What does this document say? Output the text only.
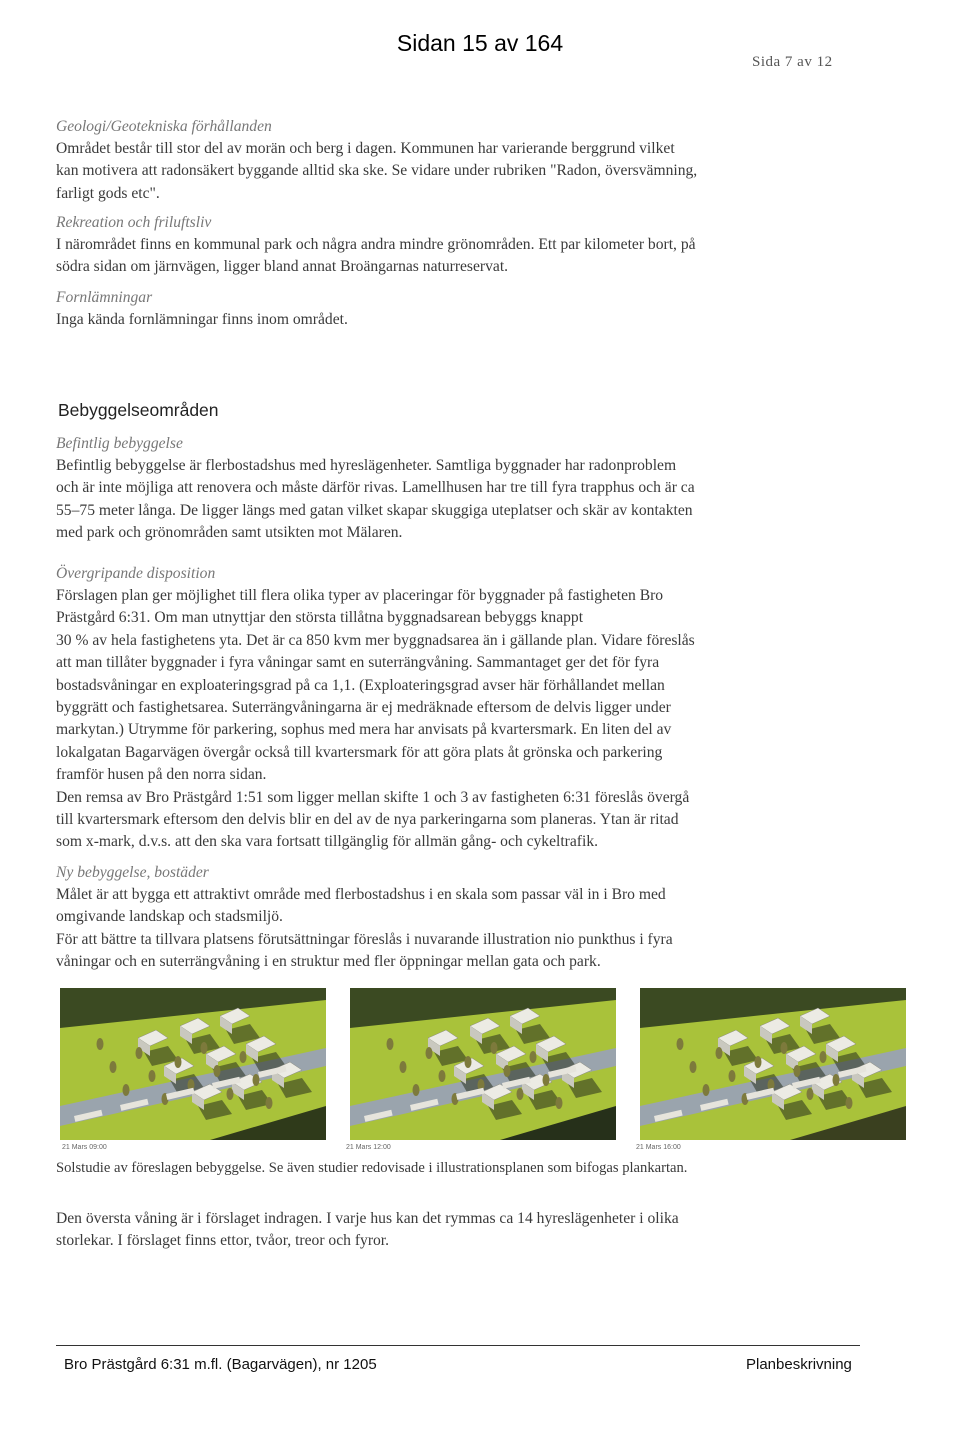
Sidan 15 av 164
Sida 7 av 12
Geologi/Geotekniska förhållanden
Området består till stor del av morän och berg i dagen. Kommunen har varierande berggrund vilket
kan motivera att radonsäkert byggande alltid ska ske. Se vidare under rubriken "Radon, översvämning,
farligt gods etc".
Rekreation och friluftsliv
I närområdet finns en kommunal park och några andra mindre grönområden. Ett par kilometer bort, på
södra sidan om järnvägen, ligger bland annat Broängarnas naturreservat.
Fornlämningar
Inga kända fornlämningar finns inom området.
Bebyggelseområden
Befintlig bebyggelse
Befintlig bebyggelse är flerbostadshus med hyreslägenheter. Samtliga byggnader har radonproblem
och är inte möjliga att renovera och måste därför rivas. Lamellhusen har tre till fyra trapphus och är ca
55–75 meter långa. De ligger längs med gatan vilket skapar skuggiga uteplatser och skär av kontakten
med park och grönområden samt utsikten mot Mälaren.
Övergripande disposition
Förslagen plan ger möjlighet till flera olika typer av placeringar för byggnader på fastigheten Bro
Prästgård 6:31. Om man utnyttjar den största tillåtna byggnadsarean bebyggs knappt
30 % av hela fastighetens yta. Det är ca 850 kvm mer byggnadsarea än i gällande plan. Vidare föreslås
att man tillåter byggnader i fyra våningar samt en suterrängvåning. Sammantaget ger det för fyra
bostadsvåningar en exploateringsgrad på ca 1,1. (Exploateringsgrad avser här förhållandet mellan
byggrätt och fastighetsarea. Suterrängvåningarna är ej medräknade eftersom de delvis ligger under
markytan.) Utrymme för parkering, sophus med mera har anvisats på kvartersmark. En liten del av
lokalgatan Bagarvägen övergår också till kvartersmark för att göra plats åt grönska och parkering
framför husen på den norra sidan.
Den remsa av Bro Prästgård 1:51 som ligger mellan skifte 1 och 3 av fastigheten 6:31 föreslås övergå
till kvartersmark eftersom den delvis blir en del av de nya parkeringarna som planeras. Ytan är ritad
som x-mark, d.v.s. att den ska vara fortsatt tillgänglig för allmän gång- och cykeltrafik.
Ny bebyggelse, bostäder
Målet är att bygga ett attraktivt område med flerbostadshus i en skala som passar väl in i Bro med
omgivande landskap och stadsmiljö.
För att bättre ta tillvara platsens förutsättningar föreslås i nuvarande illustration nio punkthus i fyra
våningar och en suterrängvåning i en struktur med fler öppningar mellan gata och park.
21 Mars 09:00	21 Mars 12:00	21 Mars 16:00
Solstudie av föreslagen bebyggelse. Se även studier redovisade i illustrationsplanen som bifogas plankartan.
Den översta våning är i förslaget indragen. I varje hus kan det rymmas ca 14 hyreslägenheter i olika
storlekar. I förslaget finns ettor, tvåor, treor och fyror.
Bro Prästgård 6:31 m.fl. (Bagarvägen), nr 1205	Planbeskrivning
